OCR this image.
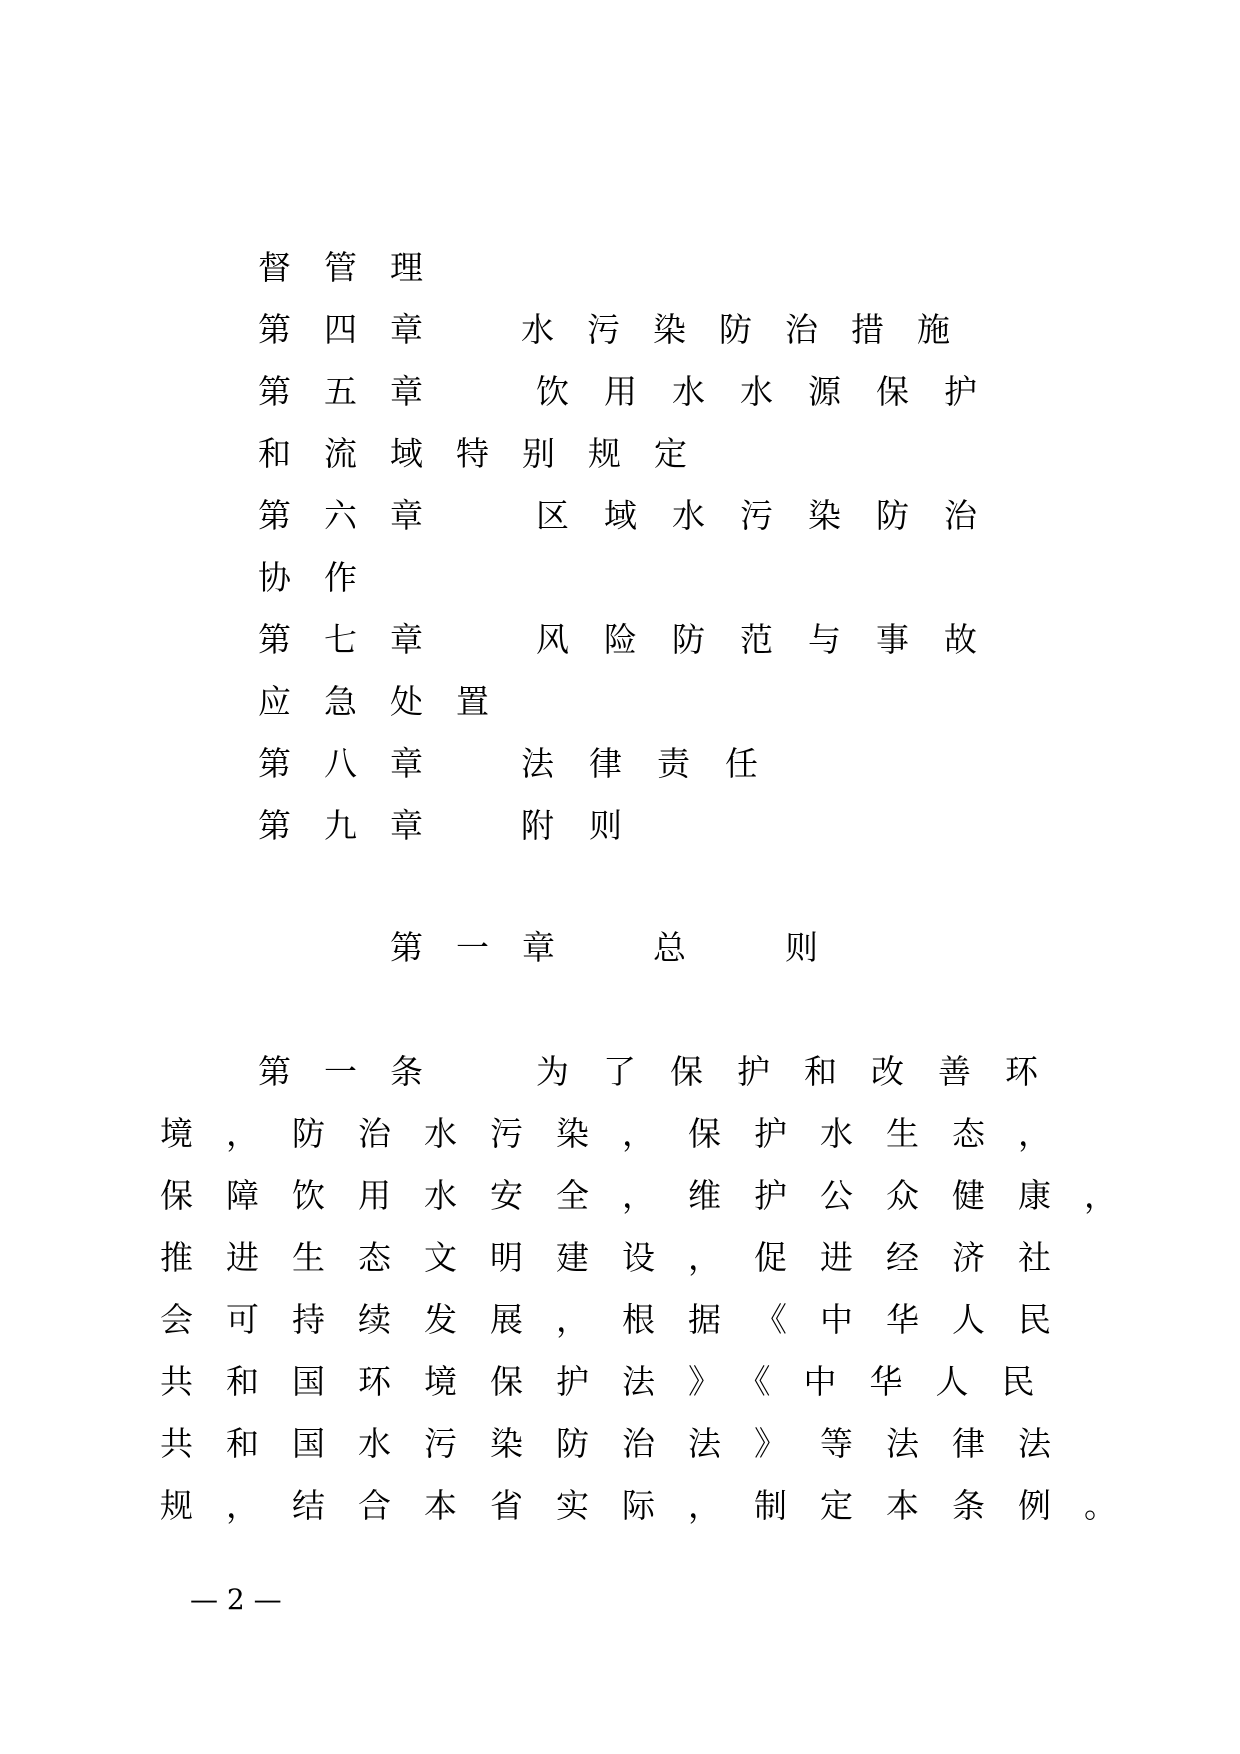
督管理
第四章 水污染防治措施
第五章 饮用水水源保护
和流域特别规定
第六章 区域水污染防治
协作
第七章 风险防范与事故
应急处置
第八章 法律责任
第九章 附则
第一章 总	则
第一条 为了保护和改善环
境，防治水污染，保护水生态，
保障饮用水安全，维护公众健康，
推进生态文明建设，促进经济社
会可持续发展，根据《中华人民
共和国环境保护法》《中华人民
共和国水污染防治法》等法律法
规，结合本省实际，制定本条例。
— 2 —
